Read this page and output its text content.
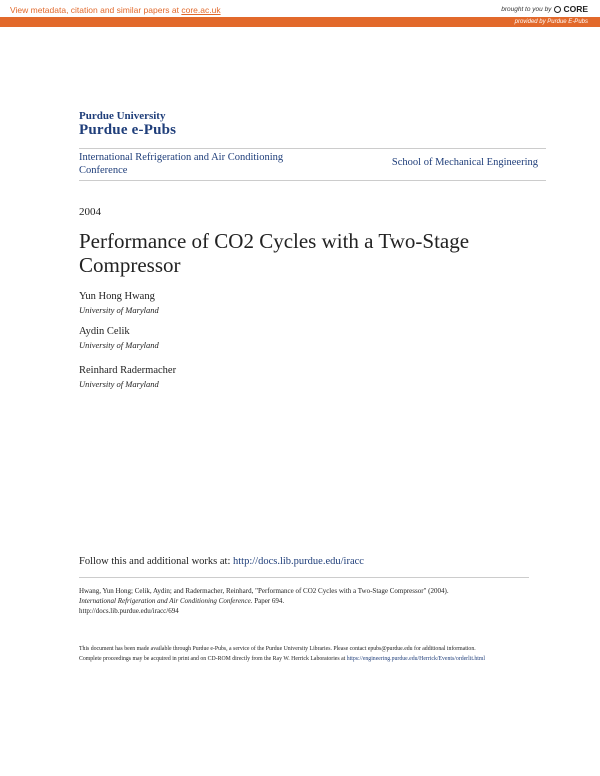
View metadata, citation and similar papers at core.ac.uk	brought to you by CORE
provided by Purdue E-Pubs
Purdue University
Purdue e-Pubs
International Refrigeration and Air Conditioning Conference
School of Mechanical Engineering
2004
Performance of CO2 Cycles with a Two-Stage Compressor
Yun Hong Hwang
University of Maryland
Aydin Celik
University of Maryland
Reinhard Radermacher
University of Maryland
Follow this and additional works at: http://docs.lib.purdue.edu/iracc
Hwang, Yun Hong; Celik, Aydin; and Radermacher, Reinhard, "Performance of CO2 Cycles with a Two-Stage Compressor" (2004).
International Refrigeration and Air Conditioning Conference. Paper 694.
http://docs.lib.purdue.edu/iracc/694
This document has been made available through Purdue e-Pubs, a service of the Purdue University Libraries. Please contact epubs@purdue.edu for additional information.
Complete proceedings may be acquired in print and on CD-ROM directly from the Ray W. Herrick Laboratories at https://engineering.purdue.edu/Herrick/Events/orderlit.html
